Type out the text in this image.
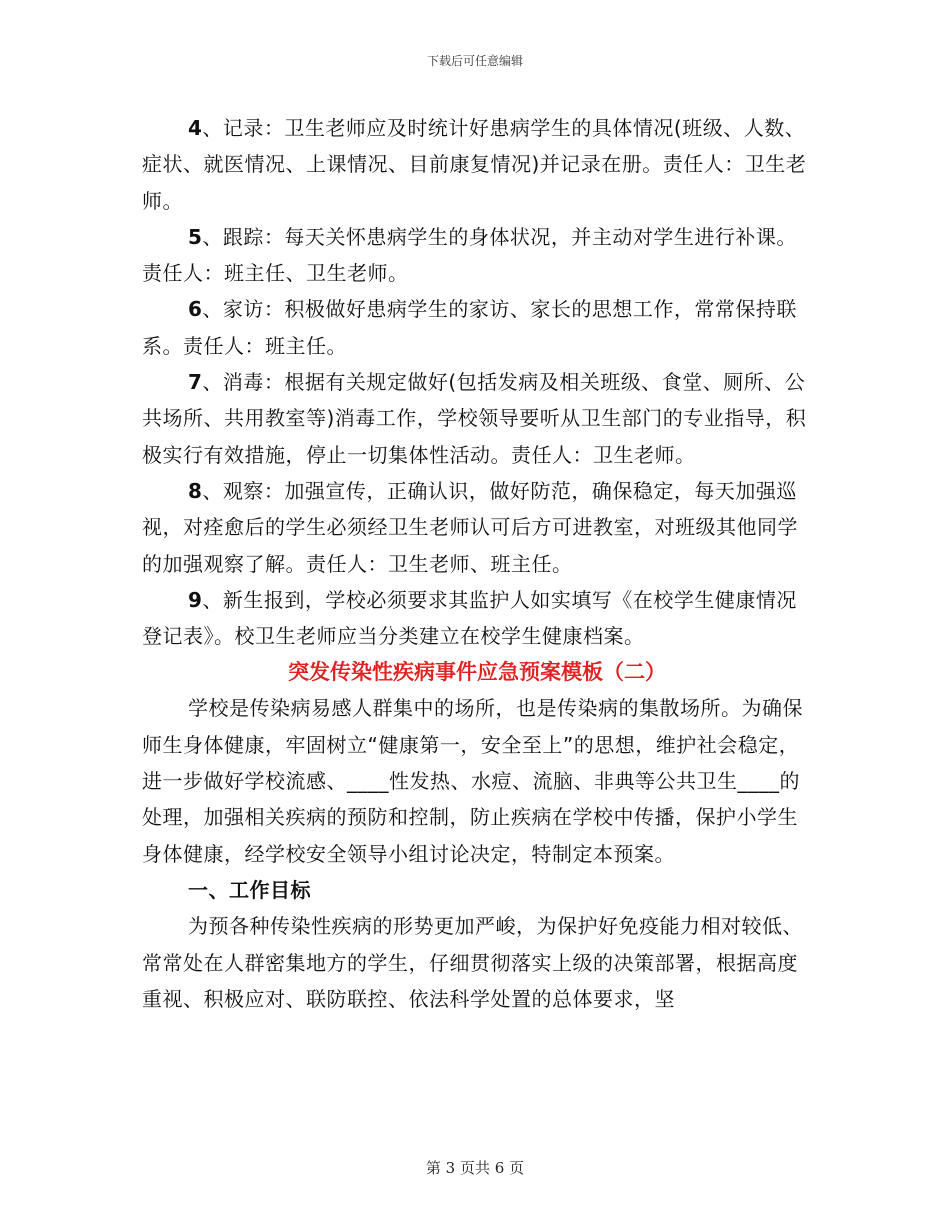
下载后可任意编辑

4、记录：卫生老师应及时统计好患病学生的具体情况(班级、人数、症状、就医情况、上课情况、目前康复情况)并记录在册。责任人：卫生老师。

5、跟踪：每天关怀患病学生的身体状况，并主动对学生进行补课。责任人：班主任、卫生老师。

6、家访：积极做好患病学生的家访、家长的思想工作，常常保持联系。责任人：班主任。

7、消毒：根据有关规定做好(包括发病及相关班级、食堂、厕所、公共场所、共用教室等)消毒工作，学校领导要听从卫生部门的专业指导，积极实行有效措施，停止一切集体性活动。责任人：卫生老师。

8、观察：加强宣传，正确认识，做好防范，确保稳定，每天加强巡视，对痊愈后的学生必须经卫生老师认可后方可进教室，对班级其他同学的加强观察了解。责任人：卫生老师、班主任。

9、新生报到，学校必须要求其监护人如实填写《在校学生健康情况登记表》。校卫生老师应当分类建立在校学生健康档案。

突发传染性疾病事件应急预案模板（二）

学校是传染病易感人群集中的场所，也是传染病的集散场所。为确保师生身体健康，牢固树立“健康第一，安全至上”的思想，维护社会稳定，进一步做好学校流感、____性发热、水痘、流脑、非典等公共卫生____的处理，加强相关疾病的预防和控制，防止疾病在学校中传播，保护小学生身体健康，经学校安全领导小组讨论决定，特制定本预案。

一、工作目标

为预各种传染性疾病的形势更加严峻，为保护好免疫能力相对较低、常常处在人群密集地方的学生，仔细贯彻落实上级的决策部署，根据高度重视、积极应对、联防联控、依法科学处置的总体要求，坚

第 3 页共 6 页
